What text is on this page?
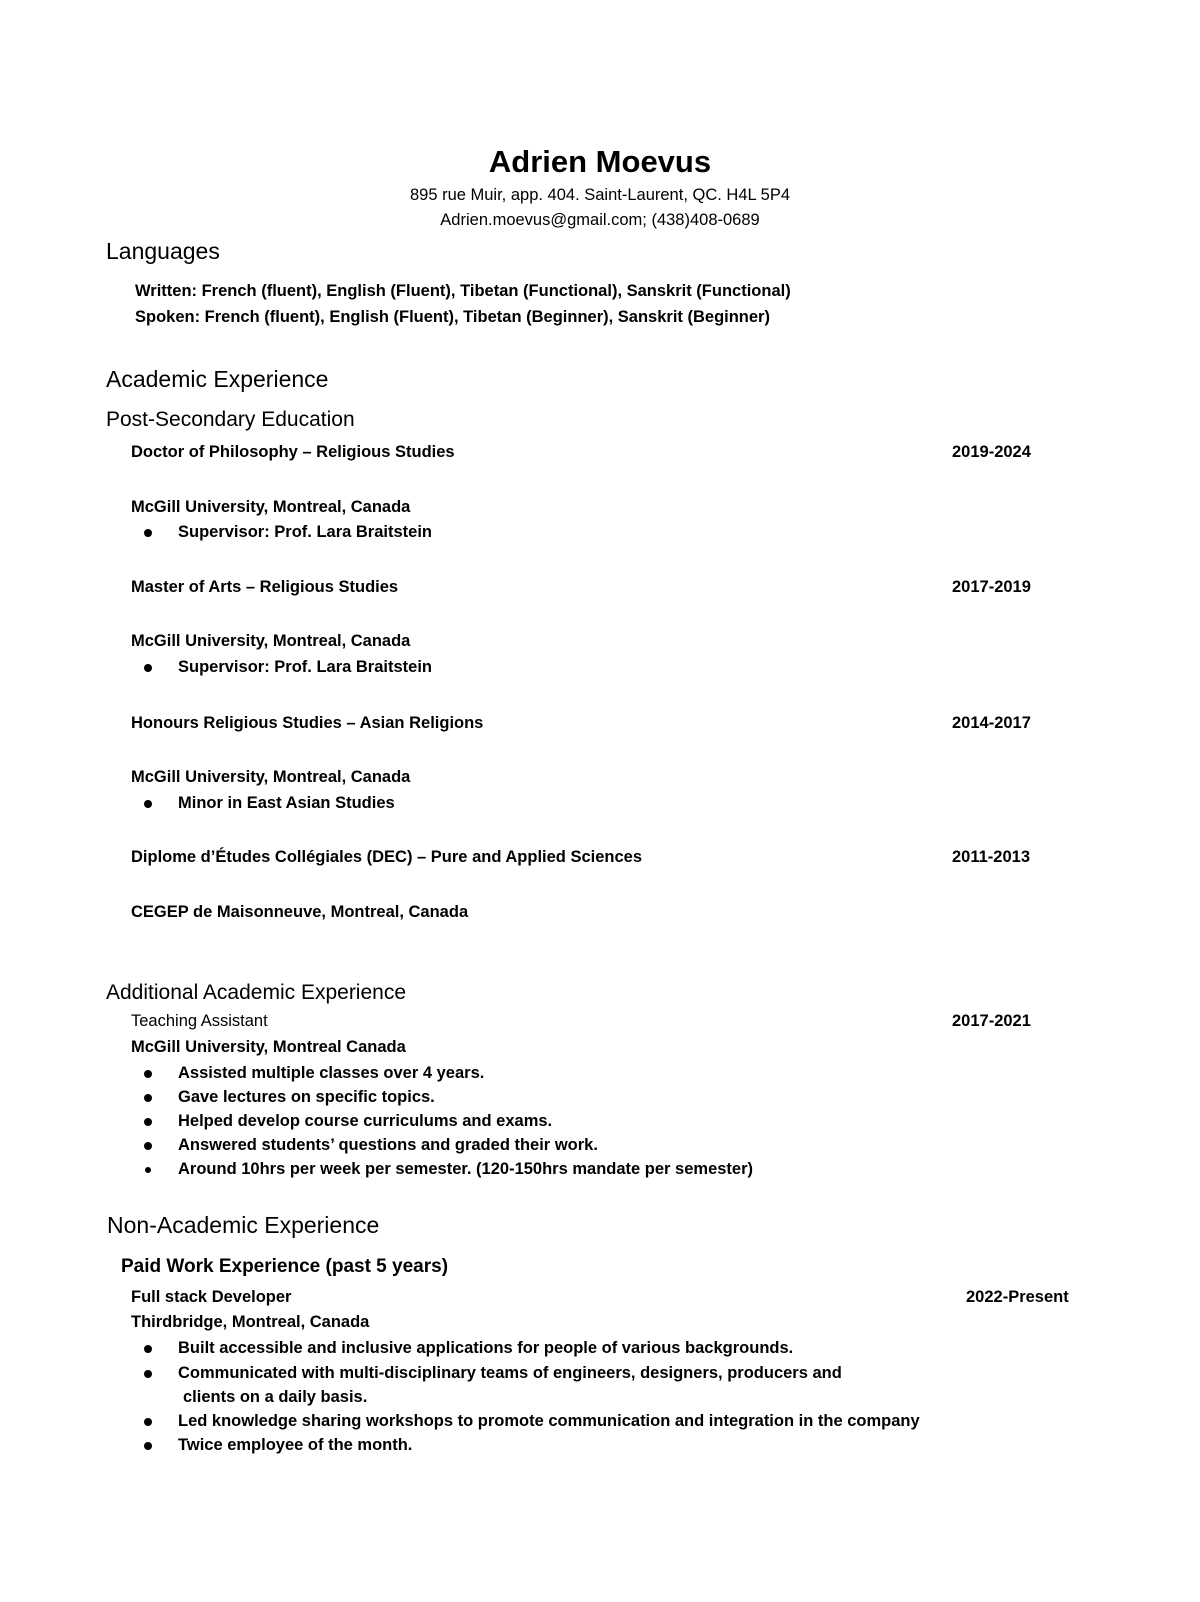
Adrien Moevus
895 rue Muir, app. 404. Saint-Laurent, QC. H4L 5P4
Adrien.moevus@gmail.com; (438)408-0689
Languages
Written: French (fluent), English (Fluent), Tibetan (Functional), Sanskrit (Functional)
Spoken: French (fluent), English (Fluent), Tibetan (Beginner), Sanskrit (Beginner)
Academic Experience
Post-Secondary Education
Doctor of Philosophy – Religious Studies	2019-2024
McGill University, Montreal, Canada
Supervisor: Prof. Lara Braitstein
Master of Arts – Religious Studies	2017-2019
McGill University, Montreal, Canada
Supervisor: Prof. Lara Braitstein
Honours Religious Studies – Asian Religions	2014-2017
McGill University, Montreal, Canada
Minor in East Asian Studies
Diplome d’Études Collégiales (DEC) – Pure and Applied Sciences	2011-2013
CEGEP de Maisonneuve, Montreal, Canada
Additional Academic Experience
Teaching Assistant	2017-2021
McGill University, Montreal Canada
Assisted multiple classes over 4 years.
Gave lectures on specific topics.
Helped develop course curriculums and exams.
Answered students’ questions and graded their work.
Around 10hrs per week per semester. (120-150hrs mandate per semester)
Non-Academic Experience
Paid Work Experience (past 5 years)
Full stack Developer	2022-Present
Thirdbridge, Montreal, Canada
Built accessible and inclusive applications for people of various backgrounds.
Communicated with multi-disciplinary teams of engineers, designers, producers and
clients on a daily basis.
Led knowledge sharing workshops to promote communication and integration in the company
Twice employee of the month.
